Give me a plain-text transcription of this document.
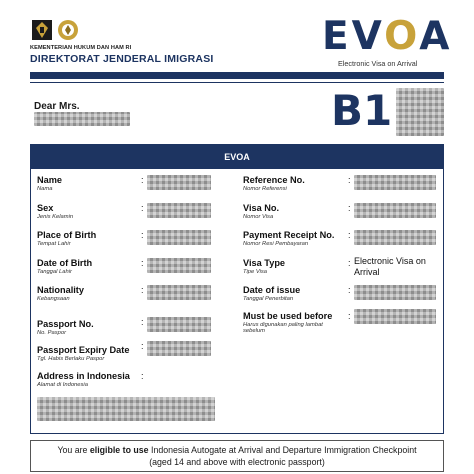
KEMENTERIAN HUKUM DAN HAM RI
DIREKTORAT JENDERAL IMIGRASI	EVOA
Electronic Visa on Arrival
Dear Mrs.	B1
EVOA
Name
Nama
:
Sex
Jenis Kelamin
:
Place of Birth
Tempat Lahir
:
Date of Birth
Tanggal Lahir
:
Nationality
Kebangsaan
:
Passport No.
No. Paspor
:
Passport Expiry Date
Tgl. Habis Berlaku Paspor
:
Address in Indonesia
Alamat di Indonesia
:
Reference No.
Nomor Referensi
:
Visa No.
Nomor Visa
:
Payment Receipt No.
Nomor Resi Pembayaran
:
Visa Type
Tipe Visa
: Electronic Visa on Arrival
Date of issue
Tanggal Penerbitan
:
Must be used before
Harus digunakan paling lambat sebelum
:
You are eligible to use Indonesia Autogate at Arrival and Departure Immigration Checkpoint
(aged 14 and above with electronic passport)
